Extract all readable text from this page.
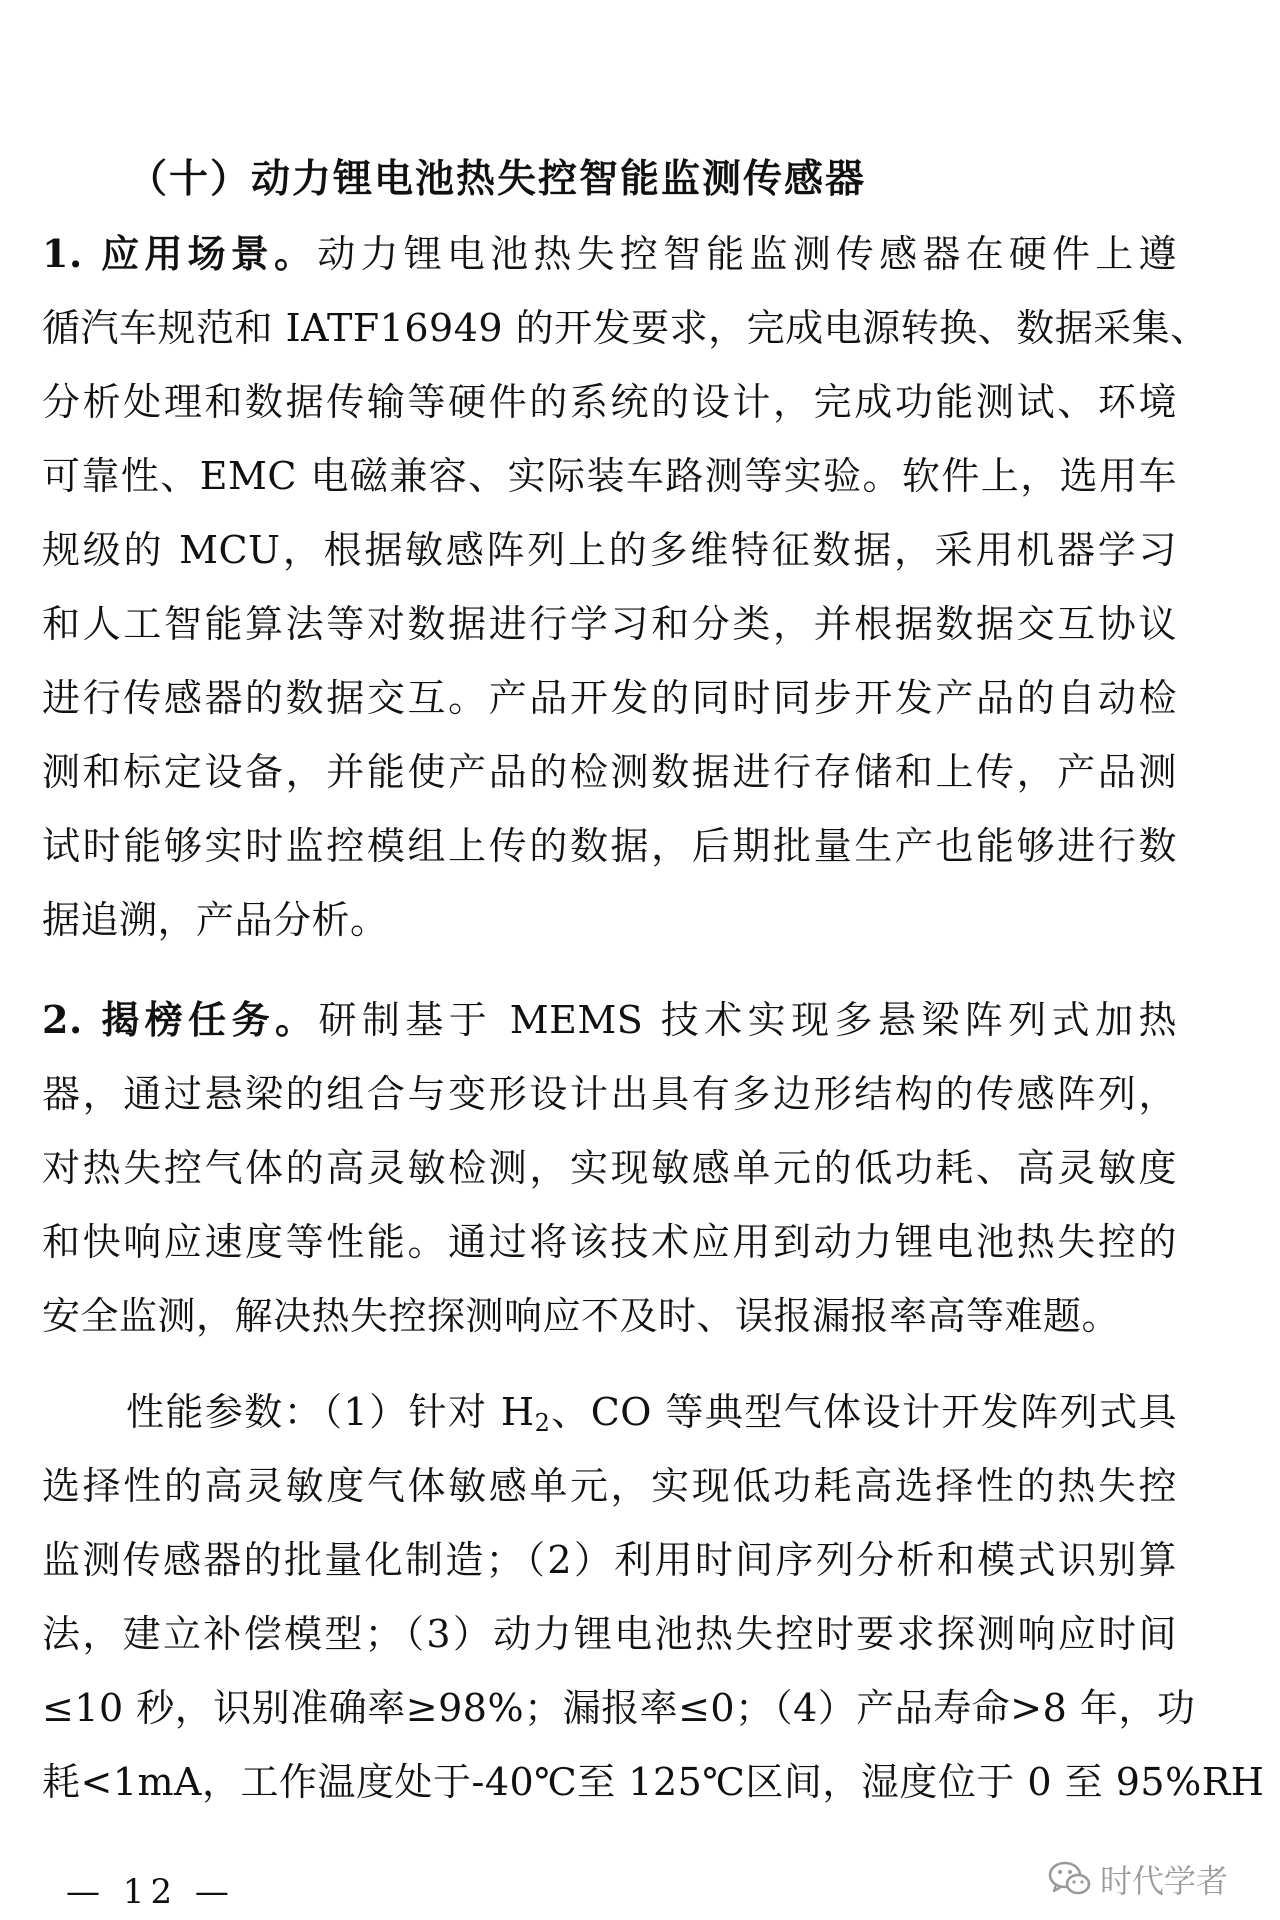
（十）动力锂电池热失控智能监测传感器
1. 应用场景。动力锂电池热失控智能监测传感器在硬件上遵
循汽车规范和 IATF16949 的开发要求，完成电源转换、数据采集、
分析处理和数据传输等硬件的系统的设计，完成功能测试、环境
可靠性、EMC 电磁兼容、实际装车路测等实验。软件上，选用车
规级的 MCU，根据敏感阵列上的多维特征数据，采用机器学习
和人工智能算法等对数据进行学习和分类，并根据数据交互协议
进行传感器的数据交互。产品开发的同时同步开发产品的自动检
测和标定设备，并能使产品的检测数据进行存储和上传，产品测
试时能够实时监控模组上传的数据，后期批量生产也能够进行数
据追溯，产品分析。
2. 揭榜任务。研制基于 MEMS 技术实现多悬梁阵列式加热
器，通过悬梁的组合与变形设计出具有多边形结构的传感阵列，
对热失控气体的高灵敏检测，实现敏感单元的低功耗、高灵敏度
和快响应速度等性能。通过将该技术应用到动力锂电池热失控的
安全监测，解决热失控探测响应不及时、误报漏报率高等难题。
性能参数：（1）针对 $H_2$、CO 等典型气体设计开发阵列式具
选择性的高灵敏度气体敏感单元，实现低功耗高选择性的热失控
监测传感器的批量化制造；（2）利用时间序列分析和模式识别算
法，建立补偿模型；（3）动力锂电池热失控时要求探测响应时间
≤10 秒，识别准确率≥98%；漏报率≤0；（4）产品寿命>8 年，功
耗<1mA，工作温度处于-40℃至 125℃区间，湿度位于 0 至 95%RH
— 12 —	时代学者
